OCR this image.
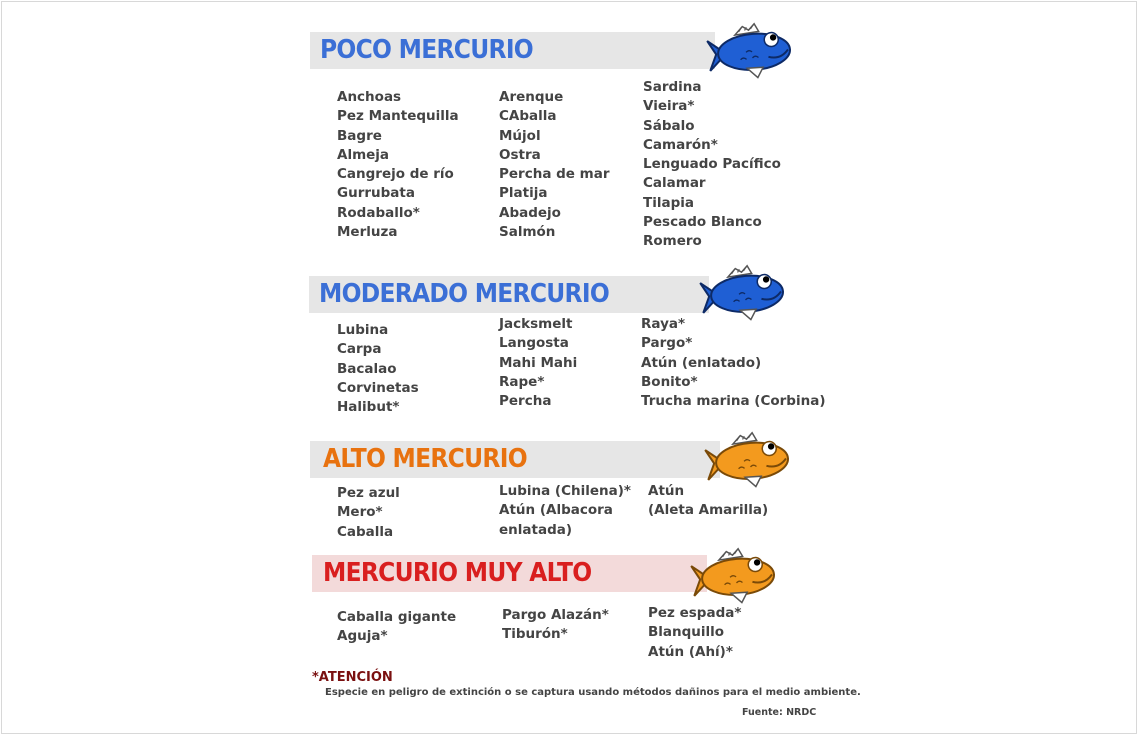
POCO MERCURIO
Anchoas
Pez Mantequilla
Bagre
Almeja
Cangrejo de río
Gurrubata
Rodaballo*
Merluza
Arenque
CAballa
Mújol
Ostra
Percha de mar
Platija
Abadejo
Salmón
Sardina
Vieira*
Sábalo
Camarón*
Lenguado Pacífico
Calamar
Tilapia
Pescado Blanco
Romero
MODERADO MERCURIO
Lubina
Carpa
Bacalao
Corvinetas
Halibut*
Jacksmelt
Langosta
Mahi Mahi
Rape*
Percha
Raya*
Pargo*
Atún (enlatado)
Bonito*
Trucha marina (Corbina)
ALTO MERCURIO
Pez azul
Mero*
Caballa
Lubina (Chilena)*
Atún (Albacora
enlatada)
Atún
(Aleta Amarilla)
MERCURIO MUY ALTO
Caballa gigante
Aguja*
Pargo Alazán*
Tiburón*
Pez espada*
Blanquillo
Atún (Ahí)*
*ATENCIÓN
Especie en peligro de extinción o se captura usando métodos dañinos para el medio ambiente.
Fuente: NRDC
